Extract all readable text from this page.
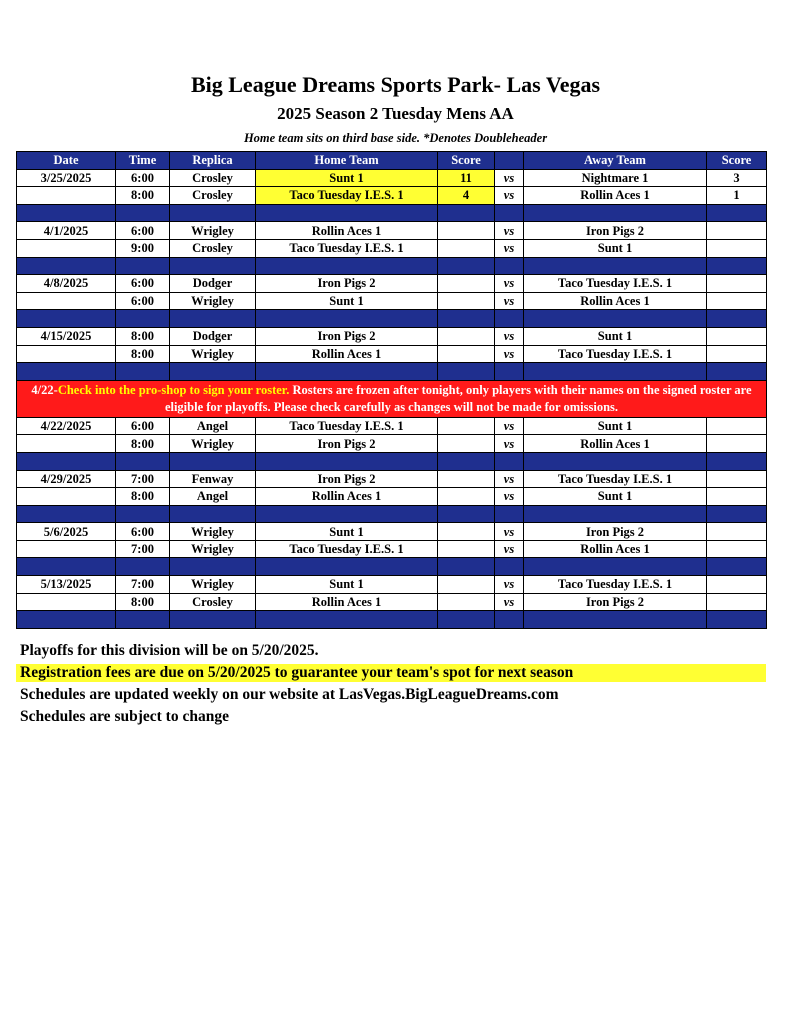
Big League Dreams Sports Park- Las Vegas
2025 Season 2 Tuesday Mens AA
Home team sits on third base side. *Denotes Doubleheader
Date	Time	Replica	Home Team	Score		Away Team	Score
3/25/2025	6:00	Crosley	Sunt 1	11	vs	Nightmare 1	3
	8:00	Crosley	Taco Tuesday I.E.S. 1	4	vs	Rollin Aces 1	1

4/1/2025	6:00	Wrigley	Rollin Aces 1		vs	Iron Pigs 2	
	9:00	Crosley	Taco Tuesday I.E.S. 1		vs	Sunt 1	

4/8/2025	6:00	Dodger	Iron Pigs 2		vs	Taco Tuesday I.E.S. 1	
	6:00	Wrigley	Sunt 1		vs	Rollin Aces 1	

4/15/2025	8:00	Dodger	Iron Pigs 2		vs	Sunt 1	
	8:00	Wrigley	Rollin Aces 1		vs	Taco Tuesday I.E.S. 1	

4/22-Check into the pro-shop to sign your roster. Rosters are frozen after tonight, only players with their names on the signed roster are eligible for playoffs. Please check carefully as changes will not be made for omissions.							
4/22/2025	6:00	Angel	Taco Tuesday I.E.S. 1		vs	Sunt 1	
	8:00	Wrigley	Iron Pigs 2		vs	Rollin Aces 1	

4/29/2025	7:00	Fenway	Iron Pigs 2		vs	Taco Tuesday I.E.S. 1	
	8:00	Angel	Rollin Aces 1		vs	Sunt 1	

5/6/2025	6:00	Wrigley	Sunt 1		vs	Iron Pigs 2	
	7:00	Wrigley	Taco Tuesday I.E.S. 1		vs	Rollin Aces 1	

5/13/2025	7:00	Wrigley	Sunt 1		vs	Taco Tuesday I.E.S. 1	
	8:00	Crosley	Rollin Aces 1		vs	Iron Pigs 2	

Playoffs for this division will be on 5/20/2025.
Registration fees are due on 5/20/2025 to guarantee your team's spot for next season
Schedules are updated weekly on our website at LasVegas.BigLeagueDreams.com
Schedules are subject to change
